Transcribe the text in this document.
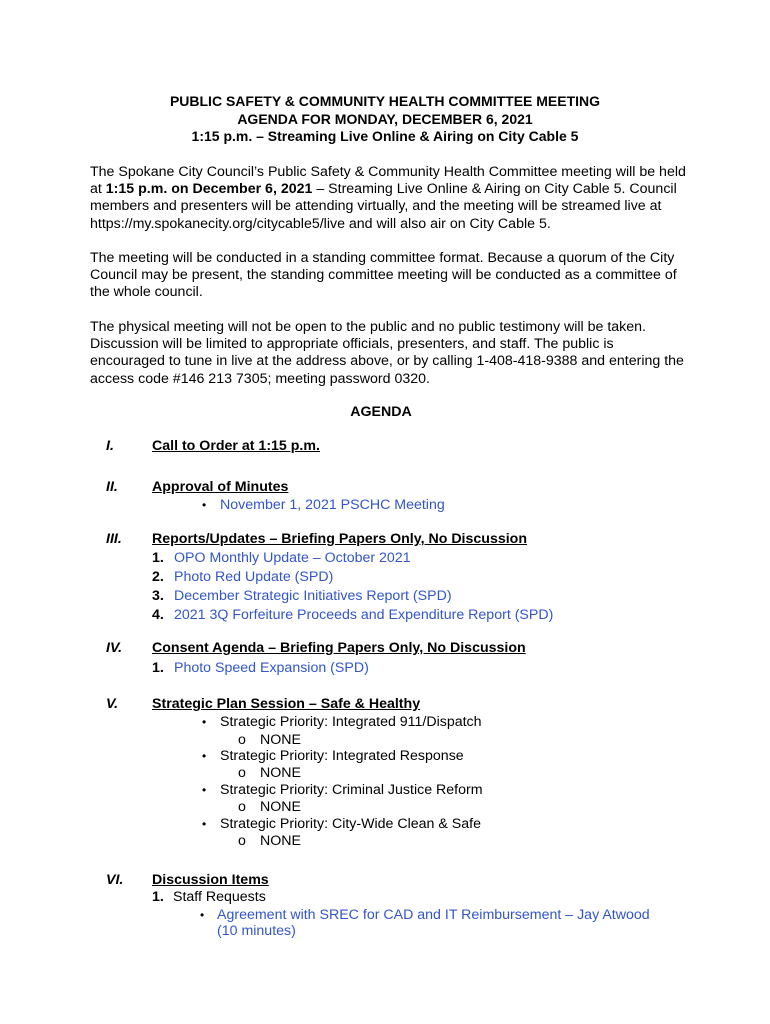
PUBLIC SAFETY & COMMUNITY HEALTH COMMITTEE MEETING
AGENDA FOR MONDAY, DECEMBER 6, 2021
1:15 p.m. – Streaming Live Online & Airing on City Cable 5

The Spokane City Council’s Public Safety & Community Health Committee meeting will be held at 1:15 p.m. on December 6, 2021 – Streaming Live Online & Airing on City Cable 5. Council members and presenters will be attending virtually, and the meeting will be streamed live at https://my.spokanecity.org/citycable5/live and will also air on City Cable 5.

The meeting will be conducted in a standing committee format. Because a quorum of the City Council may be present, the standing committee meeting will be conducted as a committee of the whole council.

The physical meeting will not be open to the public and no public testimony will be taken. Discussion will be limited to appropriate officials, presenters, and staff. The public is encouraged to tune in live at the address above, or by calling 1-408-418-9388 and entering the access code #146 213 7305; meeting password 0320.

AGENDA
I.	Call to Order at 1:15 p.m.
II. Approval of Minutes
• November 1, 2021 PSCHC Meeting
III. Reports/Updates – Briefing Papers Only, No Discussion
1. OPO Monthly Update – October 2021
2. Photo Red Update (SPD)
3. December Strategic Initiatives Report (SPD)
4. 2021 3Q Forfeiture Proceeds and Expenditure Report (SPD)
IV. Consent Agenda – Briefing Papers Only, No Discussion
1. Photo Speed Expansion (SPD)
V. Strategic Plan Session – Safe & Healthy
• Strategic Priority: Integrated 911/Dispatch
o NONE
• Strategic Priority: Integrated Response
o NONE
• Strategic Priority: Criminal Justice Reform
o NONE
• Strategic Priority: City-Wide Clean & Safe
o NONE
VI. Discussion Items
1. Staff Requests
• Agreement with SREC for CAD and IT Reimbursement – Jay Atwood
(10 minutes)
